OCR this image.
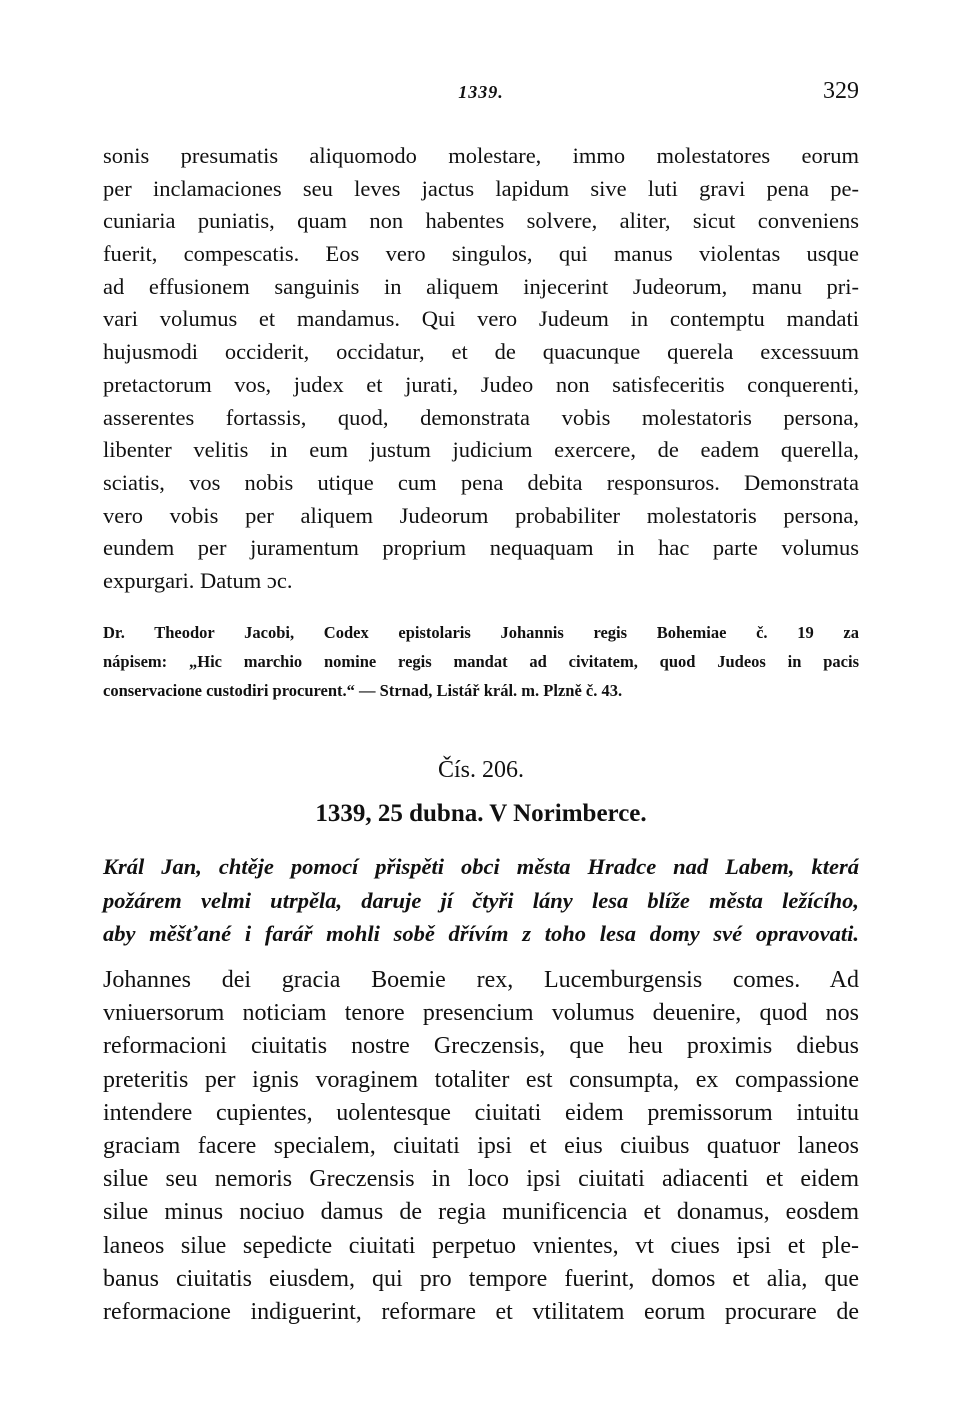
1339.	329
sonis presumatis aliquomodo molestare, immo molestatores eorum
per inclamaciones seu leves jactus lapidum sive luti gravi pena pe-
cuniaria puniatis, quam non habentes solvere, aliter, sicut conveniens
fuerit, compescatis. Eos vero singulos, qui manus violentas usque
ad effusionem sanguinis in aliquem injecerint Judeorum, manu pri-
vari volumus et mandamus. Qui vero Judeum in contemptu mandati
hujusmodi occiderit, occidatur, et de quacunque querela excessuum
pretactorum vos, judex et jurati, Judeo non satisfeceritis conquerenti,
asserentes fortassis, quod, demonstrata vobis molestatoris persona,
libenter velitis in eum justum judicium exercere, de eadem querella,
sciatis, vos nobis utique cum pena debita responsuros. Demonstrata
vero vobis per aliquem Judeorum probabiliter molestatoris persona,
eundem per juramentum proprium nequaquam in hac parte volumus
expurgari. Datum ɔc.
Dr. Theodor Jacobi, Codex epistolaris Johannis regis Bohemiae č. 19 za
nápisem: „Hic marchio nomine regis mandat ad civitatem, quod Judeos in pacis
conservacione custodiri procurent.“ — Strnad, Listář král. m. Plzně č. 43.
Čís. 206.
1339, 25 dubna. V Norimberce.
Král Jan, chtěje pomocí přispěti obci města Hradce nad Labem, která
požárem velmi utrpěla, daruje jí čtyři lány lesa blíže města ležícího,
aby měšťané i farář mohli sobě dřívím z toho lesa domy své opravovati.
Johannes dei gracia Boemie rex, Lucemburgensis comes. Ad
vniuersorum noticiam tenore presencium volumus deuenire, quod nos
reformacioni ciuitatis nostre Greczensis, que heu proximis diebus
preteritis per ignis voraginem totaliter est consumpta, ex compassione
intendere cupientes, uolentesque ciuitati eidem premissorum intuitu
graciam facere specialem, ciuitati ipsi et eius ciuibus quatuor laneos
silue seu nemoris Greczensis in loco ipsi ciuitati adiacenti et eidem
silue minus nociuo damus de regia munificencia et donamus, eosdem
laneos silue sepedicte ciuitati perpetuo vnientes, vt ciues ipsi et ple-
banus ciuitatis eiusdem, qui pro tempore fuerint, domos et alia, que
reformacione indiguerint, reformare et vtilitatem eorum procurare de
